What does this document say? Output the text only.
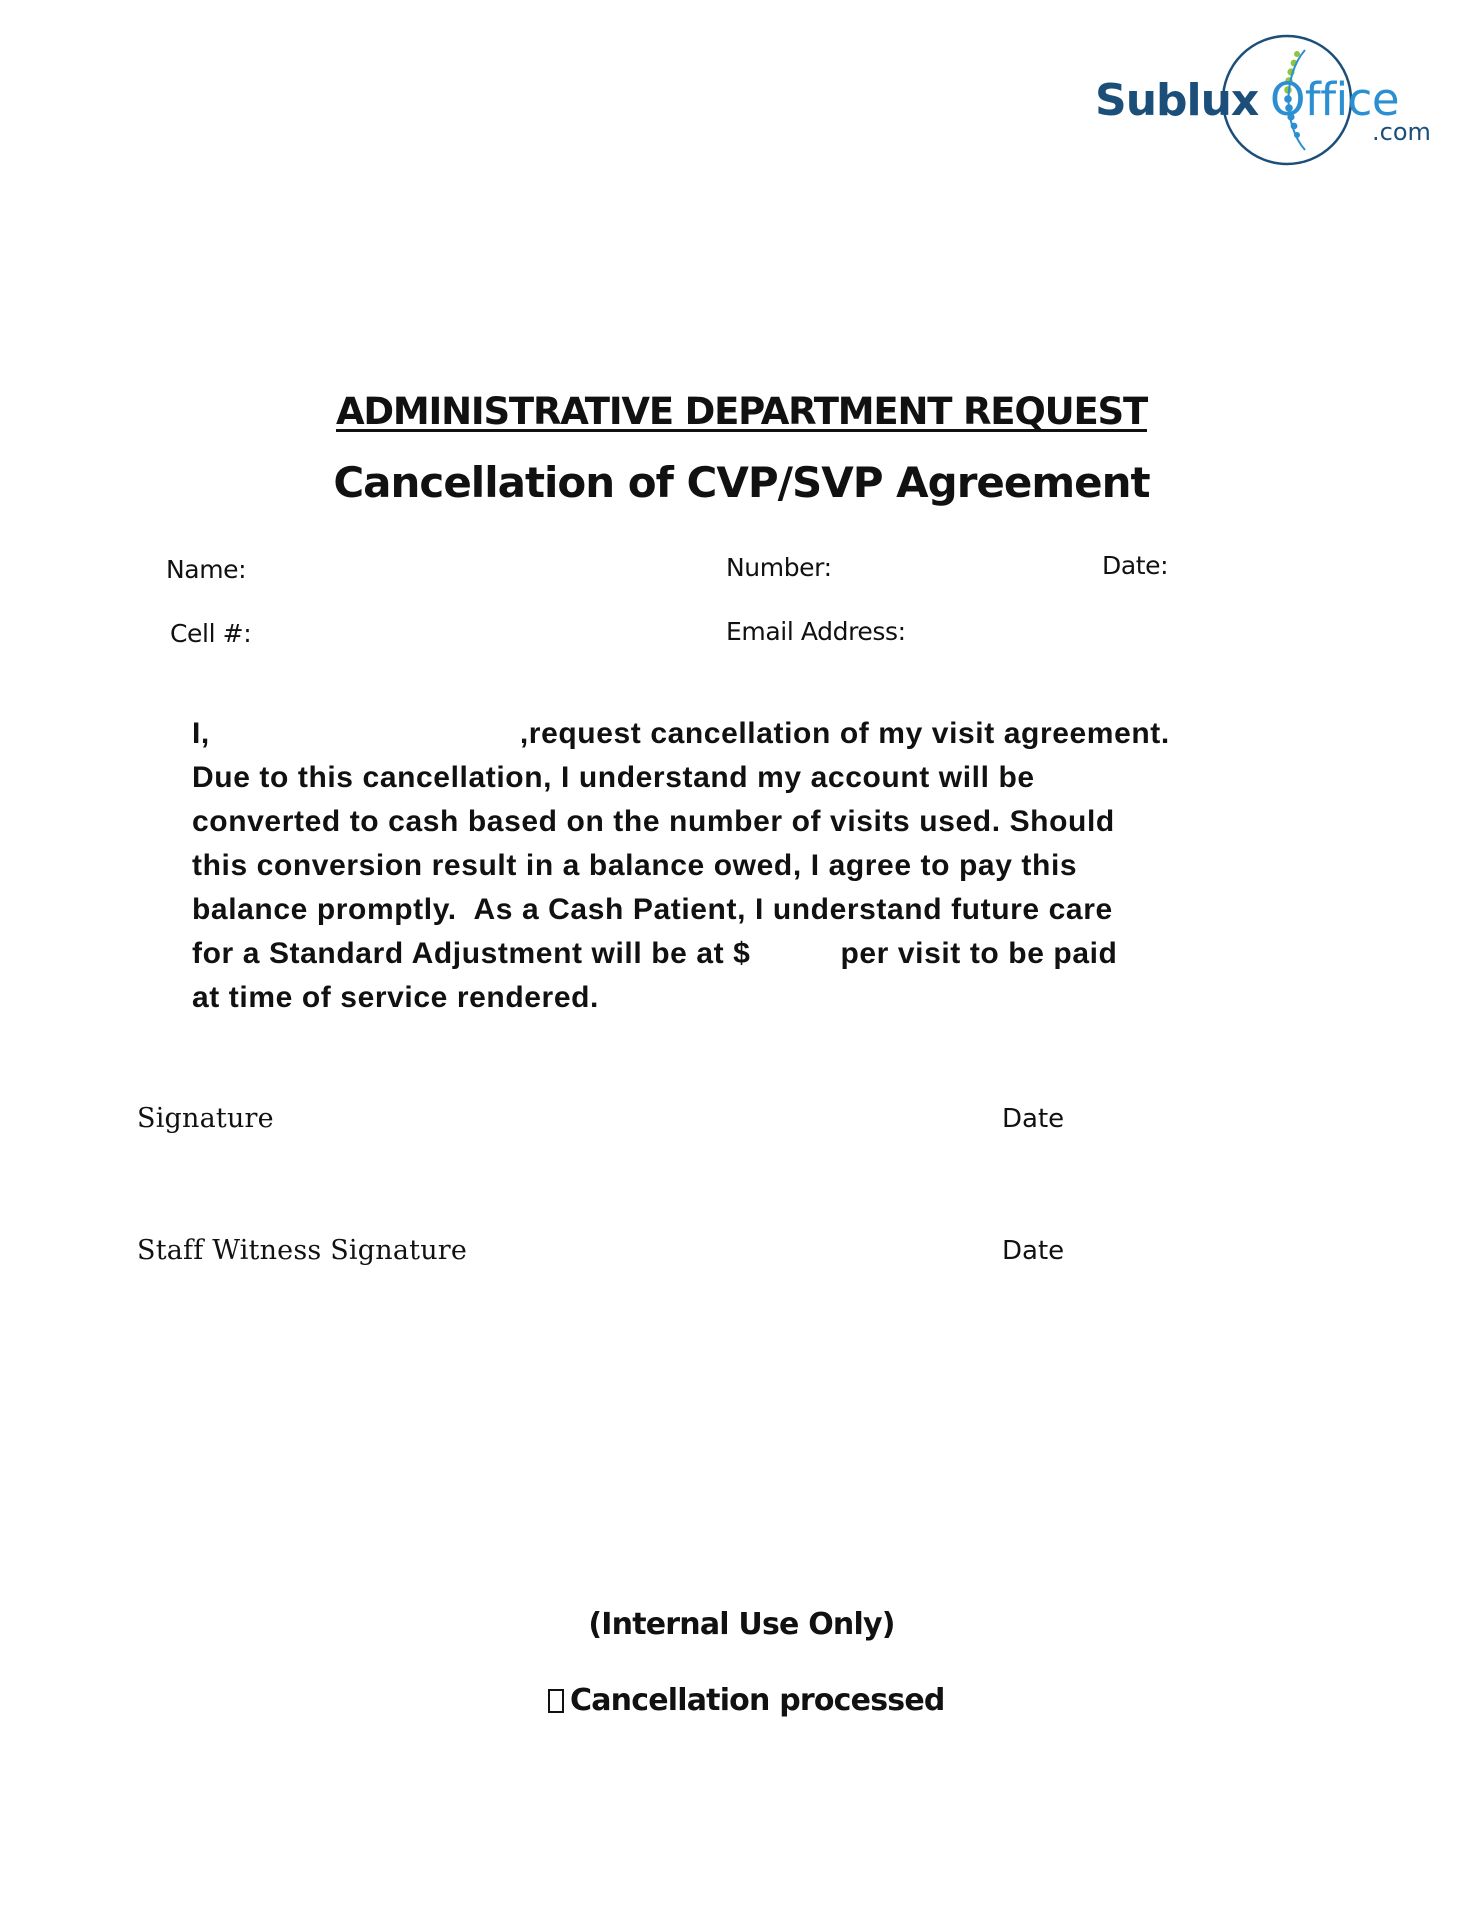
Sublux Office
.com
ADMINISTRATIVE DEPARTMENT REQUEST
Cancellation of CVP/SVP Agreement
Name:	Number:	Date:
Cell #:	Email Address:
I,	,request cancellation of my visit agreement.
Due to this cancellation, I understand my account will be
converted to cash based on the number of visits used. Should
this conversion result in a balance owed, I agree to pay this
balance promptly.  As a Cash Patient, I understand future care
for a Standard Adjustment will be at $	per visit to be paid
at time of service rendered.
Signature	Date
Staff Witness Signature	Date
(Internal Use Only)
Cancellation processed
